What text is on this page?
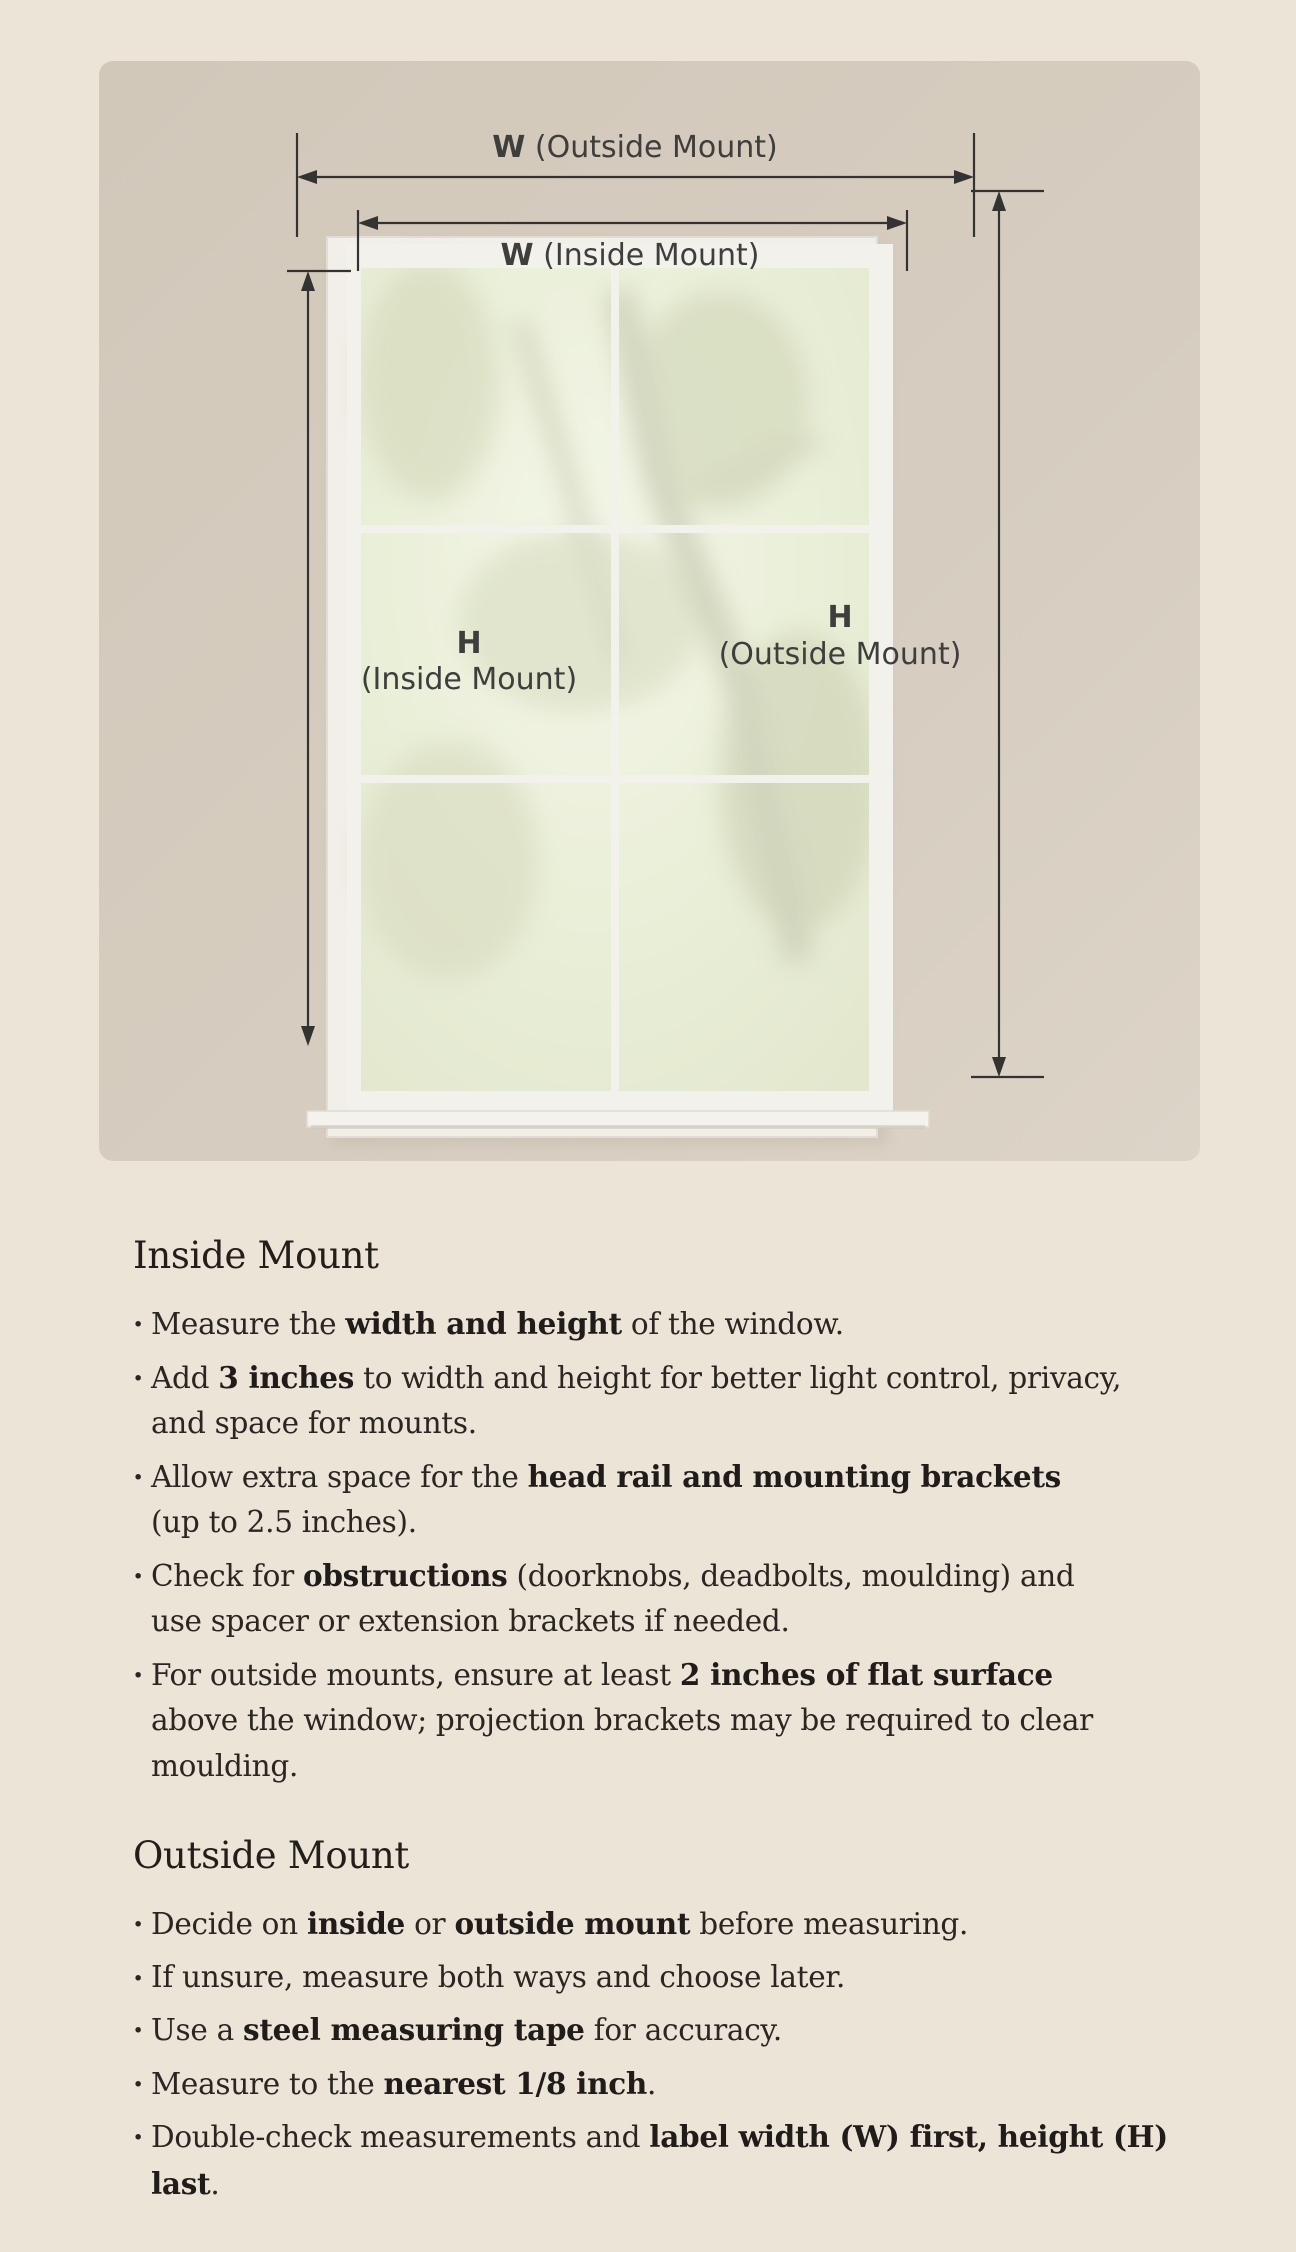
W (Outside Mount)
W (Inside Mount)
H
(Inside Mount)
H
(Outside Mount)
Inside Mount
· Measure the width and height of the window.
· Add 3 inches to width and height for better light control, privacy,
and space for mounts.
· Allow extra space for the head rail and mounting brackets
(up to 2.5 inches).
· Check for obstructions (doorknobs, deadbolts, moulding) and
use spacer or extension brackets if needed.
· For outside mounts, ensure at least 2 inches of flat surface
above the window; projection brackets may be required to clear moulding.
Outside Mount
· Decide on inside or outside mount before measuring.
· If unsure, measure both ways and choose later.
· Use a steel measuring tape for accuracy.
· Measure to the nearest 1/8 inch.
· Double-check measurements and label width (W) first, height (H) last.
